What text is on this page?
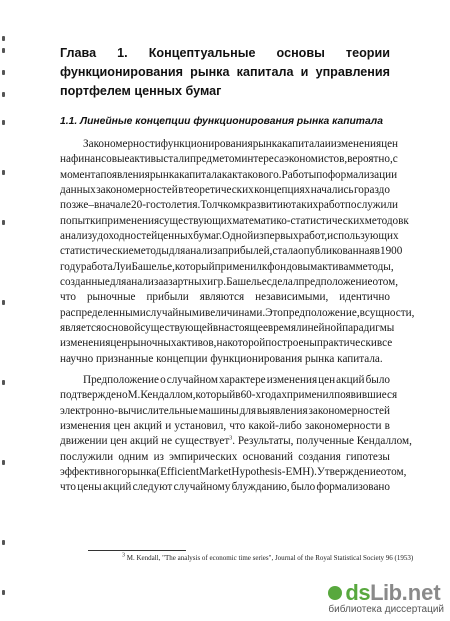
Глава 1. Концептуальные основы теории
функционирования рынка капитала и управления
портфелем ценных бумаг
1.1. Линейные концепции функционирования рынка капитала
Закономерности функционирования рынка капитала и изменения цен
на финансовые активы стали предметом интереса экономистов, вероятно, с
момента появления рынка капитала как такового. Работы по формализации
данных закономерностей в теоретических концепциях начались гораздо
позже – в начале 20-го столетия. Толчком к развитию таких работ послужили
попытки применения существующих математико-статистических методов к
анализу доходностей ценных бумаг. Одной из первых работ, использующих
статистические методы для анализа прибылей, стала опубликованная в 1900
году работа Луи Башелье, который применил к фондовым активам методы,
созданные для анализа азартных игр. Башелье сделал предположение о том,
что рыночные прибыли являются независимыми, идентично
распределенными случайными величинами. Это предположение, в сущности,
является основой существующей в настоящее время линейной парадигмы
изменения цен рыночных активов, на которой построены практически все
научно признанные концепции функционирования рынка капитала.
Предположение о случайном характере изменения цен акций было
подтверждено М. Кендаллом, который в 60-х годах применил появившиеся
электронно-вычислительные машины для выявления закономерностей
изменения цен акций и установил, что какой-либо закономерности в
движении цен акций не существует$^3$ . Результаты, полученные Кендаллом,
послужили одним из эмпирических оснований создания гипотезы
эффективного рынка (Efficient Market Hypothesis - EMH). Утверждение о том,
что цены акций следуют случайному блужданию, было формализовано
3 M. Kendall, "The analysis of economic time series", Journal of the Royal Statistical Society 96 (1953)
ds Lib . net
библиотека диссертаций
